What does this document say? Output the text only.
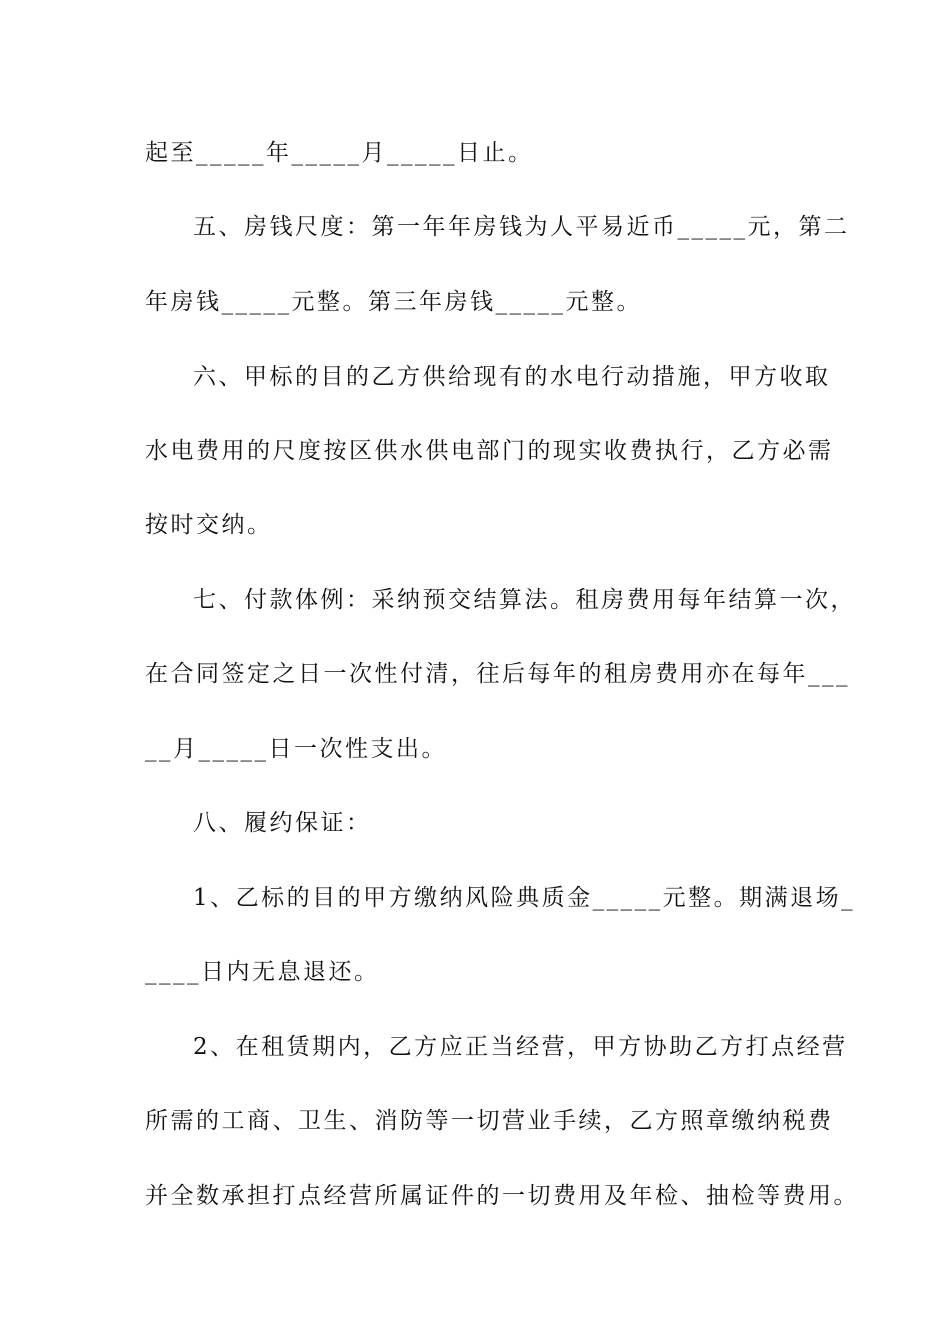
起至_____年_____月_____日止。
五、房钱尺度：第一年年房钱为人平易近币_____元，第二
年房钱_____元整。第三年房钱_____元整。
六、甲标的目的乙方供给现有的水电行动措施，甲方收取
水电费用的尺度按区供水供电部门的现实收费执行，乙方必需
按时交纳。
七、付款体例：采纳预交结算法。租房费用每年结算一次，
在合同签定之日一次性付清，往后每年的租房费用亦在每年___
__月_____日一次性支出。
八、履约保证：
1、乙标的目的甲方缴纳风险典质金_____元整。期满退场_
____日内无息退还。
2、在租赁期内，乙方应正当经营，甲方协助乙方打点经营
所需的工商、卫生、消防等一切营业手续，乙方照章缴纳税费
并全数承担打点经营所属证件的一切费用及年检、抽检等费用。
